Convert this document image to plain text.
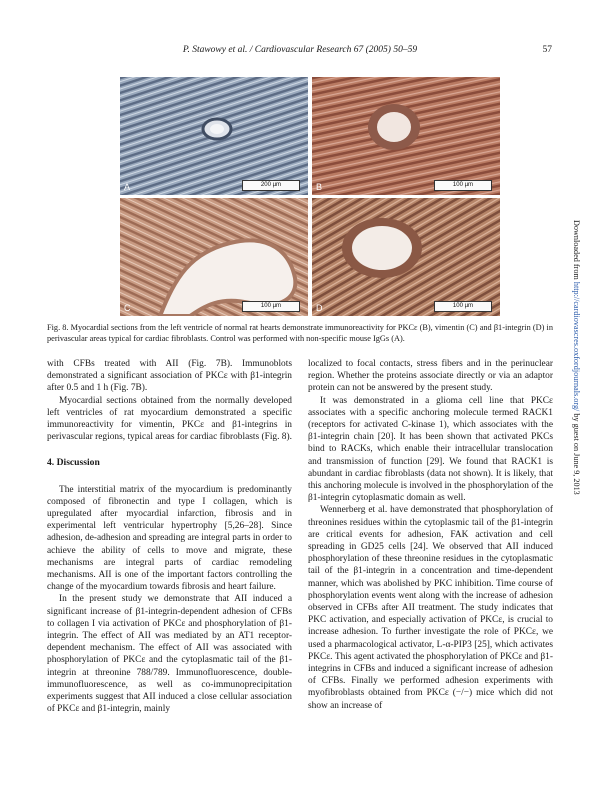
P. Stawowy et al. / Cardiovascular Research 67 (2005) 50–59	57
A	200 µm	B	100 µm
C	100 µm	D	100 µm
Fig. 8. Myocardial sections from the left ventricle of normal rat hearts demonstrate immunoreactivity for PKCε (B), vimentin (C) and β1-integrin (D) in perivascular areas typical for cardiac fibroblasts. Control was performed with non-specific mouse IgGs (A).

with CFBs treated with AII (Fig. 7B). Immunoblots demonstrated a significant association of PKCε with β1-integrin after 0.5 and 1 h (Fig. 7B).

Myocardial sections obtained from the normally developed left ventricles of rat myocardium demonstrated a specific immunoreactivity for vimentin, PKCε and β1-integrins in perivascular regions, typical areas for cardiac fibroblasts (Fig. 8).

4. Discussion

The interstitial matrix of the myocardium is predominantly composed of fibronectin and type I collagen, which is upregulated after myocardial infarction, fibrosis and in experimental left ventricular hypertrophy [5,26–28]. Since adhesion, de-adhesion and spreading are integral parts in order to achieve the ability of cells to move and migrate, these mechanisms are integral parts of cardiac remodeling mechanisms. AII is one of the important factors controlling the change of the myocardium towards fibrosis and heart failure.

In the present study we demonstrate that AII induced a significant increase of β1-integrin-dependent adhesion of CFBs to collagen I via activation of PKCε and phosphorylation of β1-integrin. The effect of AII was mediated by an AT1 receptor-dependent mechanism. The effect of AII was associated with phosphorylation of PKCε and the cytoplasmatic tail of the β1-integrin at threonine 788/789. Immunofluorescence, double-immunofluorescence, as well as co-immunoprecipitation experiments suggest that AII induced a close cellular association of PKCε and β1-integrin, mainly

localized to focal contacts, stress fibers and in the perinuclear region. Whether the proteins associate directly or via an adaptor protein can not be answered by the present study.

It was demonstrated in a glioma cell line that PKCε associates with a specific anchoring molecule termed RACK1 (receptors for activated C-kinase 1), which associates with the β1-integrin chain [20]. It has been shown that activated PKCs bind to RACKs, which enable their intracellular translocation and transmission of function [29]. We found that RACK1 is abundant in cardiac fibroblasts (data not shown). It is likely, that this anchoring molecule is involved in the phosphorylation of the β1-integrin cytoplasmatic domain as well.

Wennerberg et al. have demonstrated that phosphorylation of threonines residues within the cytoplasmic tail of the β1-integrin are critical events for adhesion, FAK activation and cell spreading in GD25 cells [24]. We observed that AII induced phosphorylation of these threonine residues in the cytoplasmatic tail of the β1-integrin in a concentration and time-dependent manner, which was abolished by PKC inhibition. Time course of phosphorylation events went along with the increase of adhesion observed in CFBs after AII treatment. The study indicates that PKC activation, and especially activation of PKCε, is crucial to increase adhesion. To further investigate the role of PKCε, we used a pharmacological activator, L-α-PIP3 [25], which activates PKCε. This agent activated the phosphorylation of PKCε and β1-integrins in CFBs and induced a significant increase of adhesion of CFBs. Finally we performed adhesion experiments with myofibroblasts obtained from PKCε (−/−) mice which did not show an increase of

Downloaded from http://cardiovascres.oxfordjournals.org/ by guest on June 9, 2013
